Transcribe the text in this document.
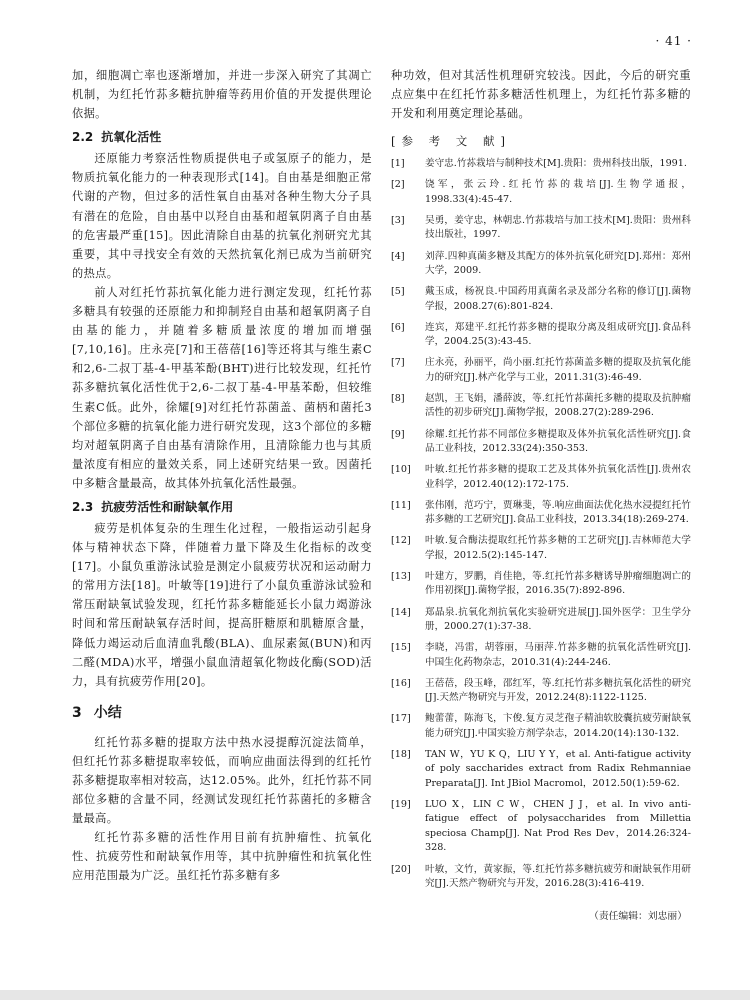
· 41 ·

加，细胞凋亡率也逐渐增加，并进一步深入研究了其凋亡机制，为红托竹荪多糖抗肿瘤等药用价值的开发提供理论依据。

2.2 抗氧化活性

还原能力考察活性物质提供电子或氢原子的能力，是物质抗氧化能力的一种表现形式[14]。自由基是细胞正常代谢的产物，但过多的活性氧自由基对各种生物大分子具有潜在的危险，自由基中以羟自由基和超氧阴离子自由基的危害最严重[15]。因此清除自由基的抗氧化剂研究尤其重要，其中寻找安全有效的天然抗氧化剂已成为当前研究的热点。

前人对红托竹荪抗氧化能力进行测定发现，红托竹荪多糖具有较强的还原能力和抑制羟自由基和超氧阴离子自由基的能力，并随着多糖质量浓度的增加而增强[7,10,16]。庄永亮[7]和王蓓蓓[16]等还将其与维生素C和2,6-二叔丁基-4-甲基苯酚(BHT)进行比较发现，红托竹荪多糖抗氧化活性优于2,6-二叔丁基-4-甲基苯酚，但较维生素C低。此外，徐耀[9]对红托竹荪菌盖、菌柄和菌托3个部位多糖的抗氧化能力进行研究发现，这3个部位的多糖均对超氧阴离子自由基有清除作用，且清除能力也与其质量浓度有相应的量效关系，同上述研究结果一致。因菌托中多糖含量最高，故其体外抗氧化活性最强。

2.3 抗疲劳活性和耐缺氧作用

疲劳是机体复杂的生理生化过程，一般指运动引起身体与精神状态下降，伴随着力量下降及生化指标的改变[17]。小鼠负重游泳试验是测定小鼠疲劳状况和运动耐力的常用方法[18]。叶敏等[19]进行了小鼠负重游泳试验和常压耐缺氧试验发现，红托竹荪多糖能延长小鼠力竭游泳时间和常压耐缺氧存活时间，提高肝糖原和肌糖原含量，降低力竭运动后血清血乳酸(BLA)、血尿素氮(BUN)和丙二醛(MDA)水平，增强小鼠血清超氧化物歧化酶(SOD)活力，具有抗疲劳作用[20]。

3 小结

红托竹荪多糖的提取方法中热水浸提醇沉淀法简单，但红托竹荪多糖提取率较低，而响应曲面法得到的红托竹荪多糖提取率相对较高，达12.05%。此外，红托竹荪不同部位多糖的含量不同，经测试发现红托竹荪菌托的多糖含量最高。

红托竹荪多糖的活性作用目前有抗肿瘤性、抗氧化性、抗疲劳性和耐缺氧作用等，其中抗肿瘤性和抗氧化性应用范围最为广泛。虽红托竹荪多糖有多

种功效，但对其活性机理研究较浅。因此，今后的研究重点应集中在红托竹荪多糖活性机理上，为红托竹荪多糖的开发和利用奠定理论基础。

[参 考 文 献]
[1]	姜守忠.竹荪栽培与制种技术[M].贵阳：贵州科技出版，1991.
[2]	饶军，张云玲.红托竹荪的栽培[J].生物学通报，1998.33(4):45-47.
[3]	吴勇，姜守忠，林朝忠.竹荪栽培与加工技术[M].贵阳：贵州科技出版社，1997.
[4]	刘萍.四种真菌多糖及其配方的体外抗氧化研究[D].郑州：郑州大学，2009.
[5]	戴玉成，杨祝良.中国药用真菌名录及部分名称的修订[J].菌物学报，2008.27(6):801-824.
[6]	连宾，郑建平.红托竹荪多糖的提取分离及组成研究[J].食品科学，2004.25(3):43-45.
[7]	庄永亮，孙丽平，尚小丽.红托竹荪菌盖多糖的提取及抗氧化能力的研究[J].林产化学与工业，2011.31(3):46-49.
[8]	赵凯，王飞娟，潘薛波，等.红托竹荪菌托多糖的提取及抗肿瘤活性的初步研究[J].菌物学报，2008.27(2):289-296.
[9]	徐耀.红托竹荪不同部位多糖提取及体外抗氧化活性研究[J].食品工业科技，2012.33(24):350-353.
[10]	叶敏.红托竹荪多糖的提取工艺及其体外抗氧化活性[J].贵州农业科学，2012.40(12):172-175.
[11]	张伟刚，范巧宁，贾琳斐，等.响应曲面法优化热水浸提红托竹荪多糖的工艺研究[J].食品工业科技，2013.34(18):269-274.
[12]	叶敏.复合酶法提取红托竹荪多糖的工艺研究[J].吉林师范大学学报，2012.5(2):145-147.
[13]	叶建方，罗鹏，肖佳艳，等.红托竹荪多糖诱导肿瘤细胞凋亡的作用初探[J].菌物学报，2016.35(7):892-896.
[14]	郑晶泉.抗氧化剂抗氧化实验研究进展[J].国外医学：卫生学分册，2000.27(1):37-38.
[15]	李晓，冯雷，胡蓉丽，马丽萍.竹荪多糖的抗氧化活性研究[J].中国生化药物杂志，2010.31(4):244-246.
[16]	王蓓蓓，段玉峰，邵红军，等.红托竹荪多糖抗氧化活性的研究[J].天然产物研究与开发，2012.24(8):1122-1125.
[17]	鲍蕾蕾，陈海飞，卞俊.复方灵芝孢子精油软胶囊抗疲劳耐缺氧能力研究[J].中国实验方剂学杂志，2014.20(14):130-132.
[18]	TAN W，YU K Q，LIU Y Y，et al. Anti-fatigue activity of poly saccharides extract from Radix Rehmanniae Preparata[J]. Int JBiol Macromol，2012.50(1):59-62.
[19]	LUO X，LIN C W，CHEN J J，et al. In vivo anti-fatigue effect of polysaccharides from Millettia speciosa Champ[J]. Nat Prod Res Dev，2014.26:324-328.
[20]	叶敏，文竹，黄家振，等.红托竹荪多糖抗疲劳和耐缺氧作用研究[J].天然产物研究与开发，2016.28(3):416-419.
（责任编辑：刘忠丽）
